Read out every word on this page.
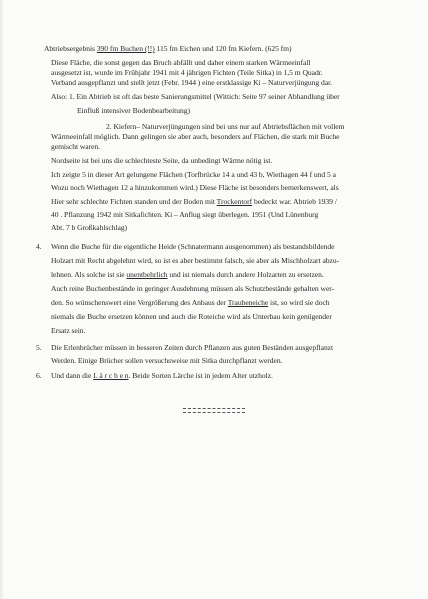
Abtriebsergebnis 390 fm Buchen (!!) 115 fm Eichen und 120 fm Kiefern. (625 fm)
Diese Fläche, die sonst gegen das Bruch abfällt und daher einem starken Wärmeeinfall
ausgesetzt ist, wurde im Frühjahr 1941 mit 4 jährigen Fichten (Teile Sitka) in 1,5 m Quadr.
Verband ausgepflanzt und stellt jetzt (Febr. 1944 ) eine erstklassige Ki – Naturverjüngung dar.
Also: 1. Ein Abtrieb ist oft das beste Sanierungsmittel (Wittich: Seite 97 seiner Abhandlung über
Einfluß intensiver Bodenbearbeitung)
2. Kiefern– Naturverjüngungen sind bei uns nur auf Abtriebsflächen mit vollem
Wärmeeinfall möglich. Dann gelingen sie aber auch, besonders auf Flächen, die stark mit Buche
gemischt waren.
Nordseite ist bei uns die schlechteste Seite, da unbedingt Wärme nötig ist.
Ich zeigte 5 in dieser Art gelungene Flächen (Torfbrücke 14 a und 43 b, Wiethagen 44 f und 5 a
Wozu noch Wiethagen 12 a hinzukommen wird.) Diese Fläche ist besonders bemerkenswert, als
Hier sehr schlechte Fichten standen und der Boden mit Trockentorf bedeckt war. Abtrieb 1939 /
40 . Pflanzung 1942 mit Sitkafichten. Ki – Anflug siegt überlegen. 1951 (Und Lünenburg
Abt. 7 b Großkahlschlag)
4. Wenn die Buche für die eigentliche Heide (Schnatermann ausgenommen) als bestandsbildende
Holzart mit Recht abgelehnt wird, so ist es aber bestimmt falsch, sie aber als Mischholzart abzu-
lehnen. Als solche ist sie unentbehrlich und ist niemals durch andere Holzarten zu ersetzen.
Auch reine Buchenbestände in geringer Ausdehnung müssen als Schutzbestände gehalten wer-
den. So wünschenswert eine Vergrößerung des Anbaus der Traubeneiche ist, so wird sie doch
niemals die Buche ersetzen können und auch die Roteiche wird als Unterbau kein genügender
Ersatz sein.
5. Die Erlenbrücher müssen in besseren Zeiten durch Pflanzen aus guten Beständen ausgepflanzt
Werden. Einige Brücher sollen versuchsweise mit Sitka durchpflanzt werden.
6. Und dann die L ä r c h e n. Beide Sorten Lärche ist in jedem Alter utzholz.
